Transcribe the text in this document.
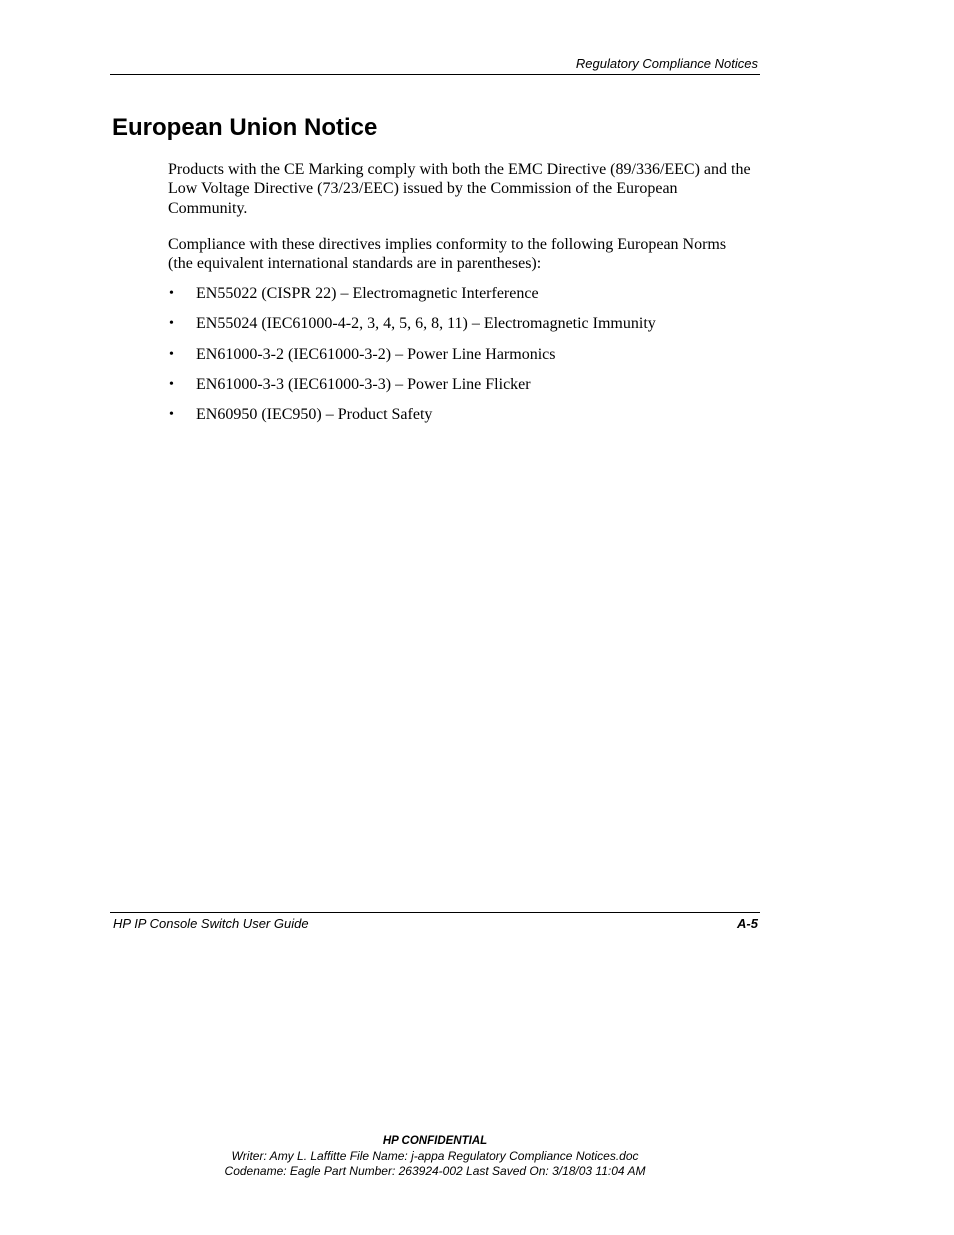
Regulatory Compliance Notices
European Union Notice

Products with the CE Marking comply with both the EMC Directive (89/336/EEC) and the Low Voltage Directive (73/23/EEC) issued by the Commission of the European Community.

Compliance with these directives implies conformity to the following European Norms (the equivalent international standards are in parentheses):

• EN55022 (CISPR 22) – Electromagnetic Interference
• EN55024 (IEC61000-4-2, 3, 4, 5, 6, 8, 11) – Electromagnetic Immunity
• EN61000-3-2 (IEC61000-3-2) – Power Line Harmonics
• EN61000-3-3 (IEC61000-3-3) – Power Line Flicker
• EN60950 (IEC950) – Product Safety
HP IP Console Switch User Guide	A-5
HP CONFIDENTIAL
Writer: Amy L. Laffitte File Name: j-appa Regulatory Compliance Notices.doc
Codename: Eagle Part Number: 263924-002 Last Saved On: 3/18/03 11:04 AM
